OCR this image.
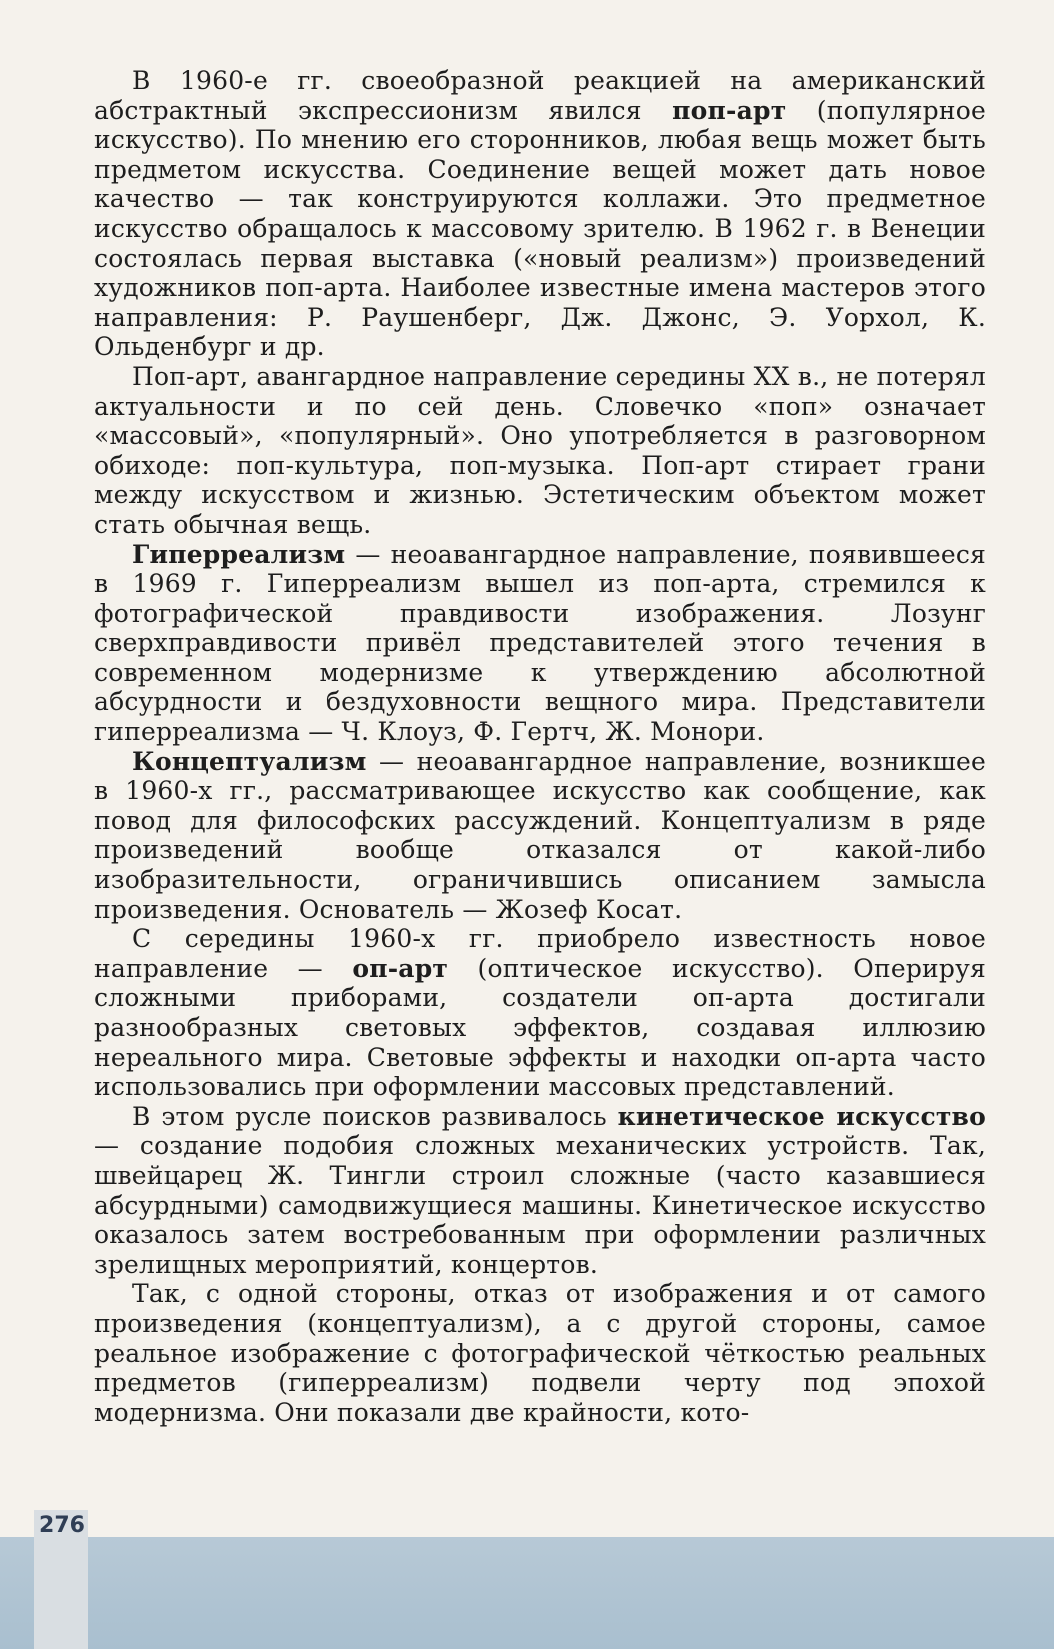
В 1960-е гг. своеобразной реакцией на американский абстрактный экспрессионизм явился поп-арт (популярное искусство). По мнению его сторонников, любая вещь может быть предметом искусства. Соединение вещей может дать новое качество — так конструируются коллажи. Это предметное искусство обращалось к массовому зрителю. В 1962 г. в Венеции состоялась первая выставка («новый реализм») произведений художников поп-арта. Наиболее известные имена мастеров этого направления: Р. Раушенберг, Дж. Джонс, Э. Уорхол, К. Ольденбург и др.

Поп-арт, авангардное направление середины XX в., не потерял актуальности и по сей день. Словечко «поп» означает «массовый», «популярный». Оно употребляется в разговорном обиходе: поп-культура, поп-музыка. Поп-арт стирает грани между искусством и жизнью. Эстетическим объектом может стать обычная вещь.

Гиперреализм — неоавангардное направление, появившееся в 1969 г. Гиперреализм вышел из поп-арта, стремился к фотографической правдивости изображения. Лозунг сверхправдивости привёл представителей этого течения в современном модернизме к утверждению абсолютной абсурдности и бездуховности вещного мира. Представители гиперреализма — Ч. Клоуз, Ф. Гертч, Ж. Монори.

Концептуализм — неоавангардное направление, возникшее в 1960-х гг., рассматривающее искусство как сообщение, как повод для философских рассуждений. Концептуализм в ряде произведений вообще отказался от какой-либо изобразительности, ограничившись описанием замысла произведения. Основатель — Жозеф Косат.

С середины 1960-х гг. приобрело известность новое направление — оп-арт (оптическое искусство). Оперируя сложными приборами, создатели оп-арта достигали разнообразных световых эффектов, создавая иллюзию нереального мира. Световые эффекты и находки оп-арта часто использовались при оформлении массовых представлений.

В этом русле поисков развивалось кинетическое искусство — создание подобия сложных механических устройств. Так, швейцарец Ж. Тингли строил сложные (часто казавшиеся абсурдными) самодвижущиеся машины. Кинетическое искусство оказалось затем востребованным при оформлении различных зрелищных мероприятий, концертов.

Так, с одной стороны, отказ от изображения и от самого произведения (концептуализм), а с другой стороны, самое реальное изображение с фотографической чёткостью реальных предметов (гиперреализм) подвели черту под эпохой модернизма. Они показали две крайности, кото-

276
